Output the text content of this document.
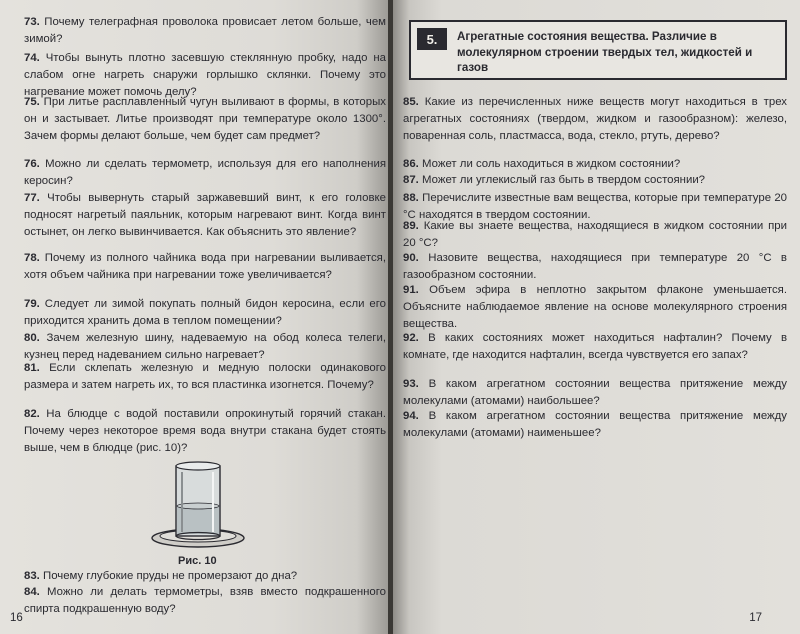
73. Почему телеграфная проволока провисает летом больше, чем зимой?

74. Чтобы вынуть плотно засевшую стеклянную пробку, надо на слабом огне нагреть снаружи горлышко склянки. Почему это нагревание может помочь делу?

75. При литье расплавленный чугун выливают в формы, в которых он и застывает. Литье производят при температуре около 1300°. Зачем формы делают больше, чем будет сам предмет?

76. Можно ли сделать термометр, используя для его наполнения керосин?

77. Чтобы вывернуть старый заржавевший винт, к его головке подносят нагретый паяльник, которым нагревают винт. Когда винт остынет, он легко вывинчивается. Как объяснить это явление?

78. Почему из полного чайника вода при нагревании выливается, хотя объем чайника при нагревании тоже увеличивается?

79. Следует ли зимой покупать полный бидон керосина, если его приходится хранить дома в теплом помещении?

80. Зачем железную шину, надеваемую на обод колеса телеги, кузнец перед надеванием сильно нагревает?

81. Если склепать железную и медную полоски одинакового размера и затем нагреть их, то вся пластинка изогнется. Почему?

82. На блюдце с водой поставили опрокинутый горячий стакан. Почему через некоторое время вода внутри стакана будет стоять выше, чем в блюдце (рис. 10)?

Рис. 10

83. Почему глубокие пруды не промерзают до дна?

84. Можно ли делать термометры, взяв вместо подкрашенного спирта подкрашенную воду?

16
5.	Агрегатные состояния вещества. Различие в молекулярном строении твердых тел, жидкостей и газов

85. Какие из перечисленных ниже веществ могут находиться в трех агрегатных состояниях (твердом, жидком и газообразном): железо, поваренная соль, пластмасса, вода, стекло, ртуть, дерево?

86. Может ли соль находиться в жидком состоянии?

87. Может ли углекислый газ быть в твердом состоянии?

88. Перечислите известные вам вещества, которые при температуре 20 °С находятся в твердом состоянии.

89. Какие вы знаете вещества, находящиеся в жидком состоянии при 20 °С?

90. Назовите вещества, находящиеся при температуре 20 °С в газообразном состоянии.

91. Объем эфира в неплотно закрытом флаконе уменьшается. Объясните наблюдаемое явление на основе молекулярного строения вещества.

92. В каких состояниях может находиться нафталин? Почему в комнате, где находится нафталин, всегда чувствуется его запах?

93. В каком агрегатном состоянии вещества притяжение между молекулами (атомами) наибольшее?

94. В каком агрегатном состоянии вещества притяжение между молекулами (атомами) наименьшее?

17
